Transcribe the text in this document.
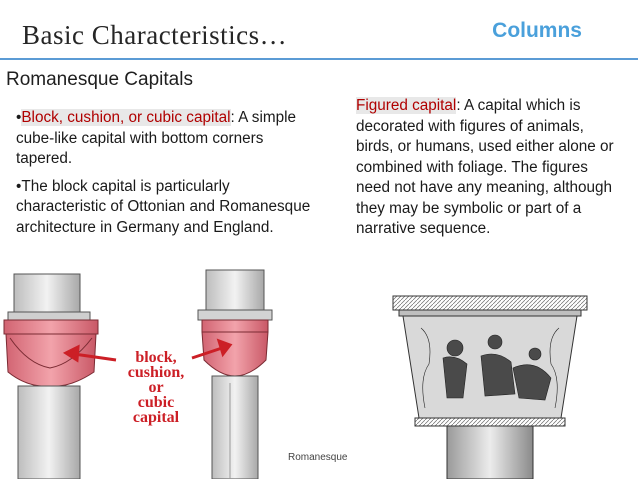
Basic Characteristics…	Columns
Romanesque Capitals

•Block, cushion, or cubic capital: A simple cube-like capital with bottom corners tapered.

•The block capital is particularly characteristic of Ottonian and Romanesque architecture in Germany and England.

Figured capital: A capital which is decorated with figures of animals, birds, or humans, used either alone or combined with foliage. The figures need not have any meaning, although they may be symbolic or part of a narrative sequence.
block,
cushion,
or
cubic
capital
Romanesque
